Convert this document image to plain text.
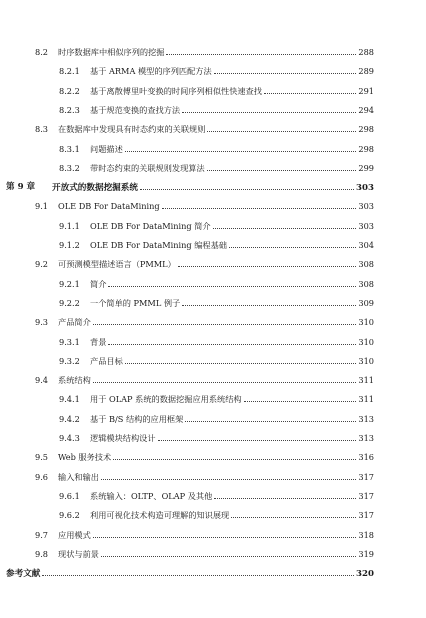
8.2 时序数据库中相似序列的挖掘	288
8.2.1 基于 ARMA 模型的序列匹配方法	289
8.2.2 基于离散傅里叶变换的时间序列相似性快速查找	291
8.2.3 基于规范变换的查找方法	294
8.3 在数据库中发现具有时态约束的关联规则	298
8.3.1 问题描述	298
8.3.2 带时态约束的关联规则发现算法	299
第 9 章 开放式的数据挖掘系统	303
9.1 OLE DB For DataMining	303
9.1.1 OLE DB For DataMining 简介	303
9.1.2 OLE DB For DataMining 编程基础	304
9.2 可预测模型描述语言（PMML）	308
9.2.1 简介	308
9.2.2 一个简单的 PMML 例子	309
9.3 产品简介	310
9.3.1 背景	310
9.3.2 产品目标	310
9.4 系统结构	311
9.4.1 用于 OLAP 系统的数据挖掘应用系统结构	311
9.4.2 基于 B/S 结构的应用框架	313
9.4.3 逻辑模块结构设计	313
9.5 Web 服务技术	316
9.6 输入和输出	317
9.6.1 系统输入：OLTP、OLAP 及其他	317
9.6.2 利用可视化技术构造可理解的知识展现	317
9.7 应用模式	318
9.8 现状与前景	319
参考文献	320
